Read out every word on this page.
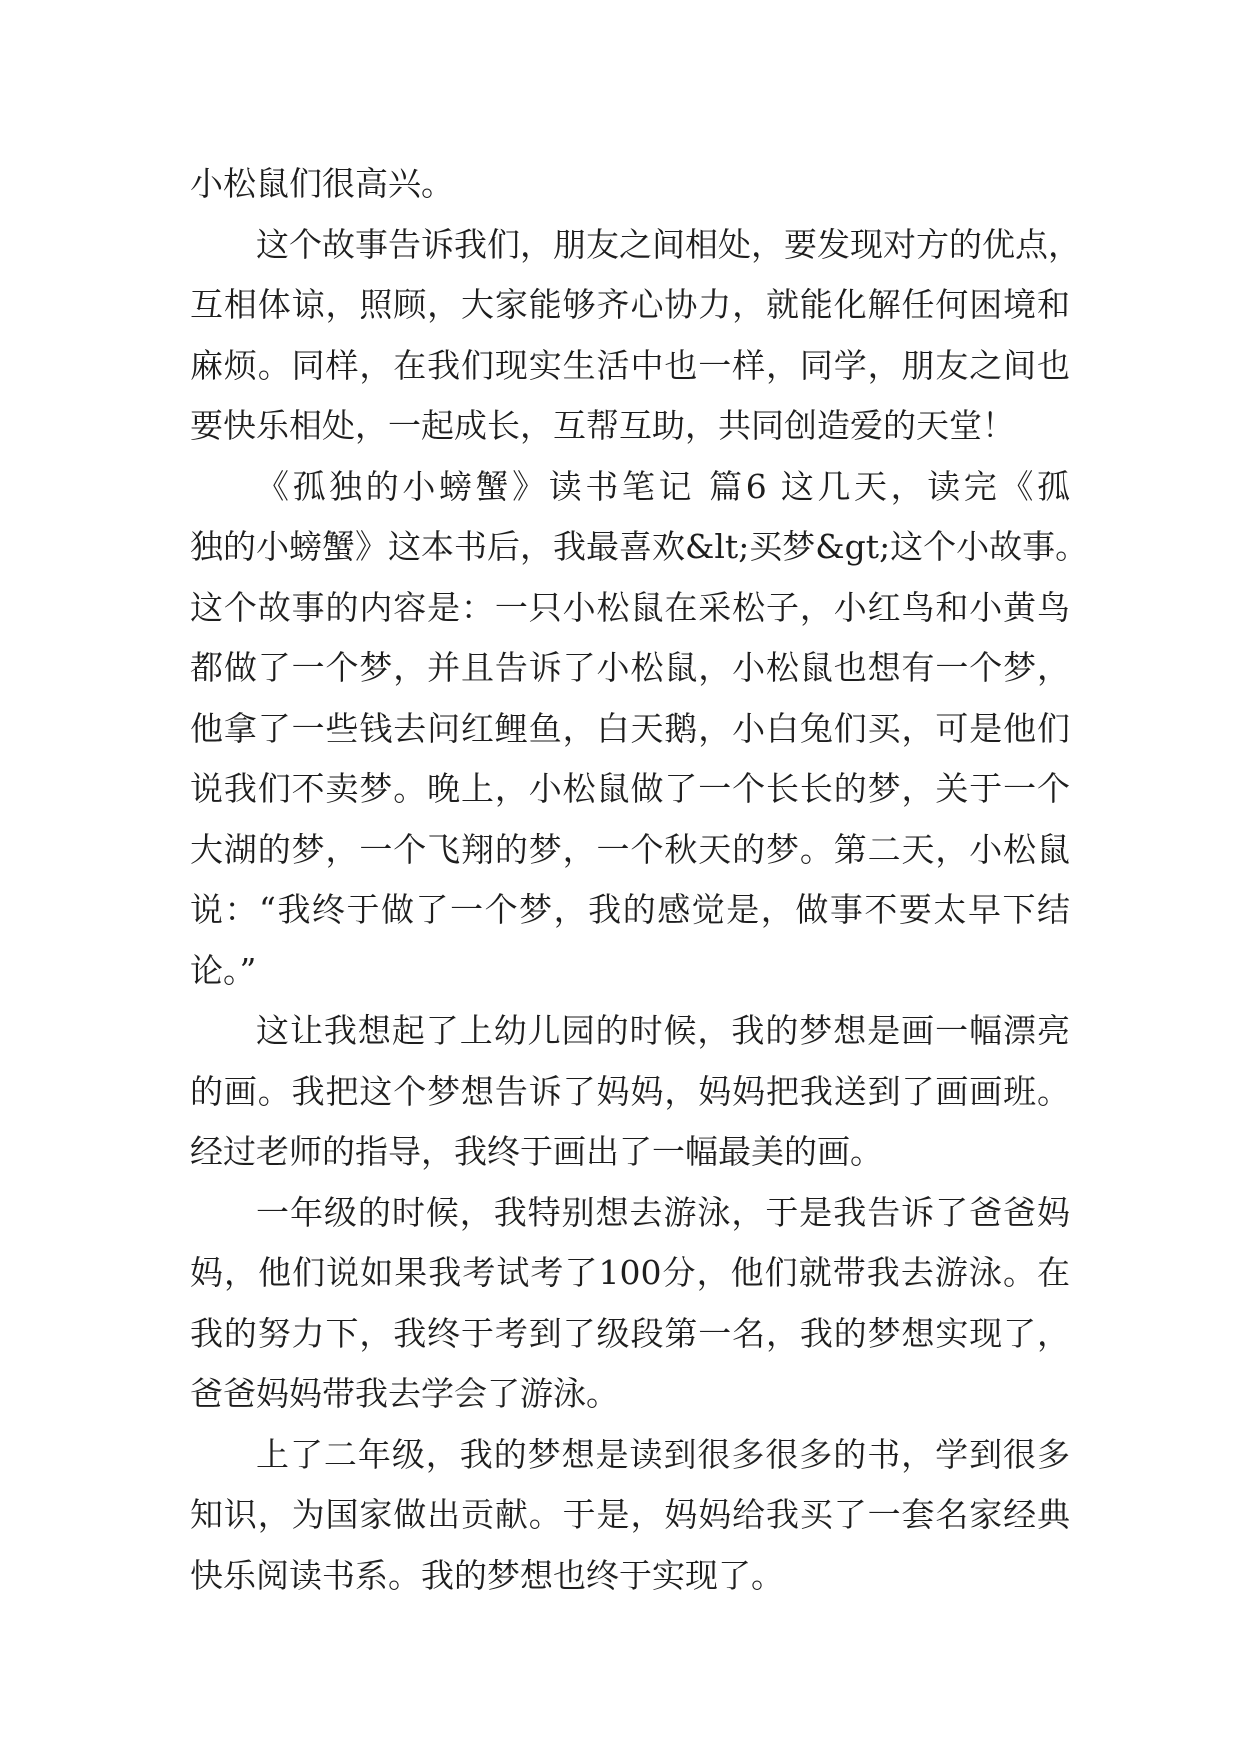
小松鼠们很高兴。
这个故事告诉我们，朋友之间相处，要发现对方的优点，
互相体谅，照顾，大家能够齐心协力，就能化解任何困境和
麻烦。同样，在我们现实生活中也一样，同学，朋友之间也
要快乐相处，一起成长，互帮互助，共同创造爱的天堂！
《孤独的小螃蟹》读书笔记 篇6 这几天，读完《孤
独的小螃蟹》这本书后，我最喜欢&lt;买梦&gt;这个小故事。
这个故事的内容是：一只小松鼠在采松子，小红鸟和小黄鸟
都做了一个梦，并且告诉了小松鼠，小松鼠也想有一个梦，
他拿了一些钱去问红鲤鱼，白天鹅，小白兔们买，可是他们
说我们不卖梦。晚上，小松鼠做了一个长长的梦，关于一个
大湖的梦，一个飞翔的梦，一个秋天的梦。第二天，小松鼠
说：“我终于做了一个梦，我的感觉是，做事不要太早下结
论。”
这让我想起了上幼儿园的时候，我的梦想是画一幅漂亮
的画。我把这个梦想告诉了妈妈，妈妈把我送到了画画班。
经过老师的指导，我终于画出了一幅最美的画。
一年级的时候，我特别想去游泳，于是我告诉了爸爸妈
妈，他们说如果我考试考了100分，他们就带我去游泳。在
我的努力下，我终于考到了级段第一名，我的梦想实现了，
爸爸妈妈带我去学会了游泳。
上了二年级，我的梦想是读到很多很多的书，学到很多
知识，为国家做出贡献。于是，妈妈给我买了一套名家经典
快乐阅读书系。我的梦想也终于实现了。
